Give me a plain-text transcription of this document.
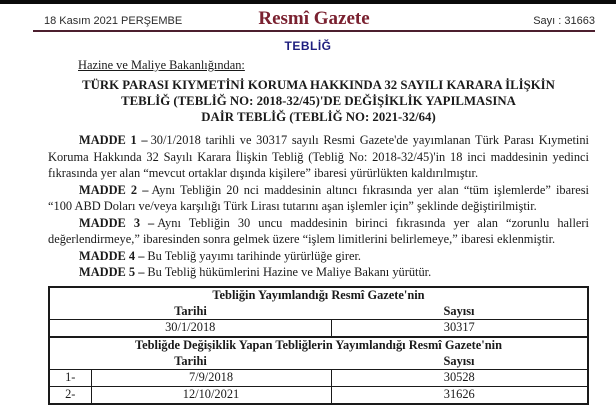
18 Kasım 2021 PERŞEMBE	Resmî Gazete	Sayı : 31663
TEBLİĞ

Hazine ve Maliye Bakanlığından:

TÜRK PARASI KIYMETİNİ KORUMA HAKKINDA 32 SAYILI KARARA İLİŞKİN
TEBLİĞ (TEBLİĞ NO: 2018-32/45)'DE DEĞİŞİKLİK YAPILMASINA
DAİR TEBLİĞ (TEBLİĞ NO: 2021-32/64)

MADDE 1 – 30/1/2018 tarihli ve 30317 sayılı Resmi Gazete'de yayımlanan Türk Parası Kıymetini Koruma Hakkında 32 Sayılı Karara İlişkin Tebliğ (Tebliğ No: 2018-32/45)'in 18 inci maddesinin yedinci fıkrasında yer alan “mevcut ortaklar dışında kişilere” ibaresi yürürlükten kaldırılmıştır.

MADDE 2 – Aynı Tebliğin 20 nci maddesinin altıncı fıkrasında yer alan “tüm işlemlerde” ibaresi “100 ABD Doları ve/veya karşılığı Türk Lirası tutarını aşan işlemler için” şeklinde değiştirilmiştir.

MADDE 3 – Aynı Tebliğin 30 uncu maddesinin birinci fıkrasında yer alan “zorunlu halleri değerlendirmeye,” ibaresinden sonra gelmek üzere “işlem limitlerini belirlemeye,” ibaresi eklenmiştir.

MADDE 4 – Bu Tebliğ yayımı tarihinde yürürlüğe girer.

MADDE 5 – Bu Tebliğ hükümlerini Hazine ve Maliye Bakanı yürütür.

Tebliğin Yayımlandığı Resmî Gazete'nin		
Tarihi		Sayısı
30/1/2018		30317
Tebliğde Değişiklik Yapan Tebliğlerin Yayımlandığı Resmî Gazete'nin		
Tarihi		Sayısı
1-	7/9/2018	30528
2-	12/10/2021	31626
